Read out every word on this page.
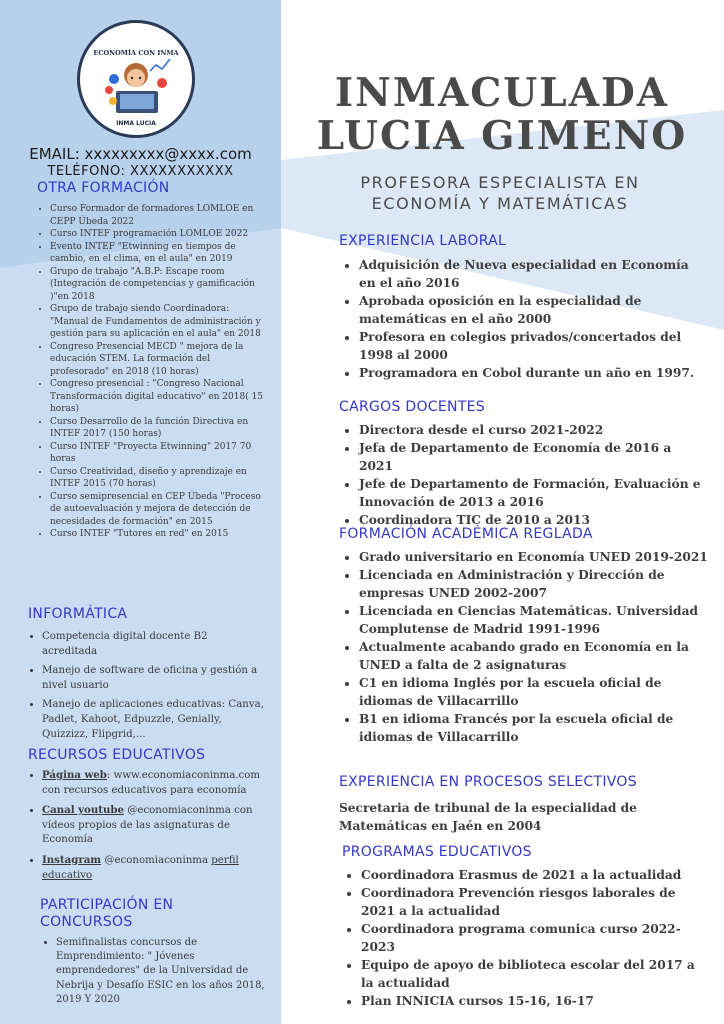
ECONOMÍA CON INMA
INMA LUCIA
EMAIL: xxxxxxxxx@xxxx.com
TELÉFONO: XXXXXXXXXXX
OTRA FORMACIÓN
• Curso Formador de formadores LOMLOE en CEPP Úbeda 2022
• Curso INTEF programación LOMLOE 2022
• Evento INTEF "Etwinning en tiempos de cambio, en el clima, en el aula" en 2019
• Grupo de trabajo "A.B.P: Escape room (Integración de competencias y gamificación )"en 2018
• Grupo de trabajo siendo Coordinadora: "Manual de Fundamentos de administración y gestión para su aplicación en el aula" en 2018
• Congreso Presencial MECD " mejora de la educación STEM. La formación del profesorado" en 2018 (10 horas)
• Congreso presencial : "Congreso Nacional Transformación digital educativo" en 2018( 15 horas)
• Curso Desarrollo de la función Directiva en INTEF 2017 (150 horas)
• Curso INTEF "Proyecta Etwinning" 2017 70 horas
• Curso Creatividad, diseño y aprendizaje en INTEF 2015 (70 horas)
• Curso semipresencial en CEP Úbeda "Proceso de autoevaluación y mejora de detección de necesidades de formación" en 2015
• Curso INTEF "Tutores en red" en 2015
INFORMÁTICA
• Competencia digital docente B2 acreditada
• Manejo de software de oficina y gestión a nivel usuario
• Manejo de aplicaciones educativas: Canva, Padlet, Kahoot, Edpuzzle, Genially, Quizzizz, Flipgrid,...
RECURSOS EDUCATIVOS
• Página web: www.economiaconinma.com con recursos educativos para economía
• Canal youtube @economiaconinma con vídeos propios de las asignaturas de Economía
• Instagram @economiaconinma perfil educativo
PARTICIPACIÓN EN
CONCURSOS
• Semifinalistas concursos de Emprendimiento: " Jóvenes emprendedores" de la Universidad de Nebrija y Desafío ESIC en los años 2018, 2019 Y 2020
INMACULADA
LUCIA GIMENO
PROFESORA ESPECIALISTA EN
ECONOMÍA Y MATEMÁTICAS
EXPERIENCIA LABORAL
• Adquisición de Nueva especialidad en Economía en el año 2016
• Aprobada oposición en la especialidad de matemáticas en el año 2000
• Profesora en colegios privados/concertados del 1998 al 2000
• Programadora en Cobol durante un año en 1997.
CARGOS DOCENTES
• Directora desde el curso 2021-2022
• Jefa de Departamento de Economía de 2016 a 2021
• Jefe de Departamento de Formación, Evaluación e Innovación de 2013 a 2016
• Coordinadora TIC de 2010 a 2013
FORMACIÓN ACADÉMICA REGLADA
• Grado universitario en Economía UNED 2019-2021
• Licenciada en Administración y Dirección de empresas UNED 2002-2007
• Licenciada en Ciencias Matemáticas. Universidad Complutense de Madrid 1991-1996
• Actualmente acabando grado en Economía en la UNED a falta de 2 asignaturas
• C1 en idioma Inglés por la escuela oficial de idiomas de Villacarrillo
• B1 en idioma Francés por la escuela oficial de idiomas de Villacarrillo
EXPERIENCIA EN PROCESOS SELECTIVOS
Secretaria de tribunal de la especialidad de Matemáticas en Jaén en 2004
PROGRAMAS EDUCATIVOS
• Coordinadora Erasmus de 2021 a la actualidad
• Coordinadora Prevención riesgos laborales de 2021 a la actualidad
• Coordinadora programa comunica curso 2022-2023
• Equipo de apoyo de biblioteca escolar del 2017 a la actualidad
• Plan INNICIA cursos 15-16, 16-17
